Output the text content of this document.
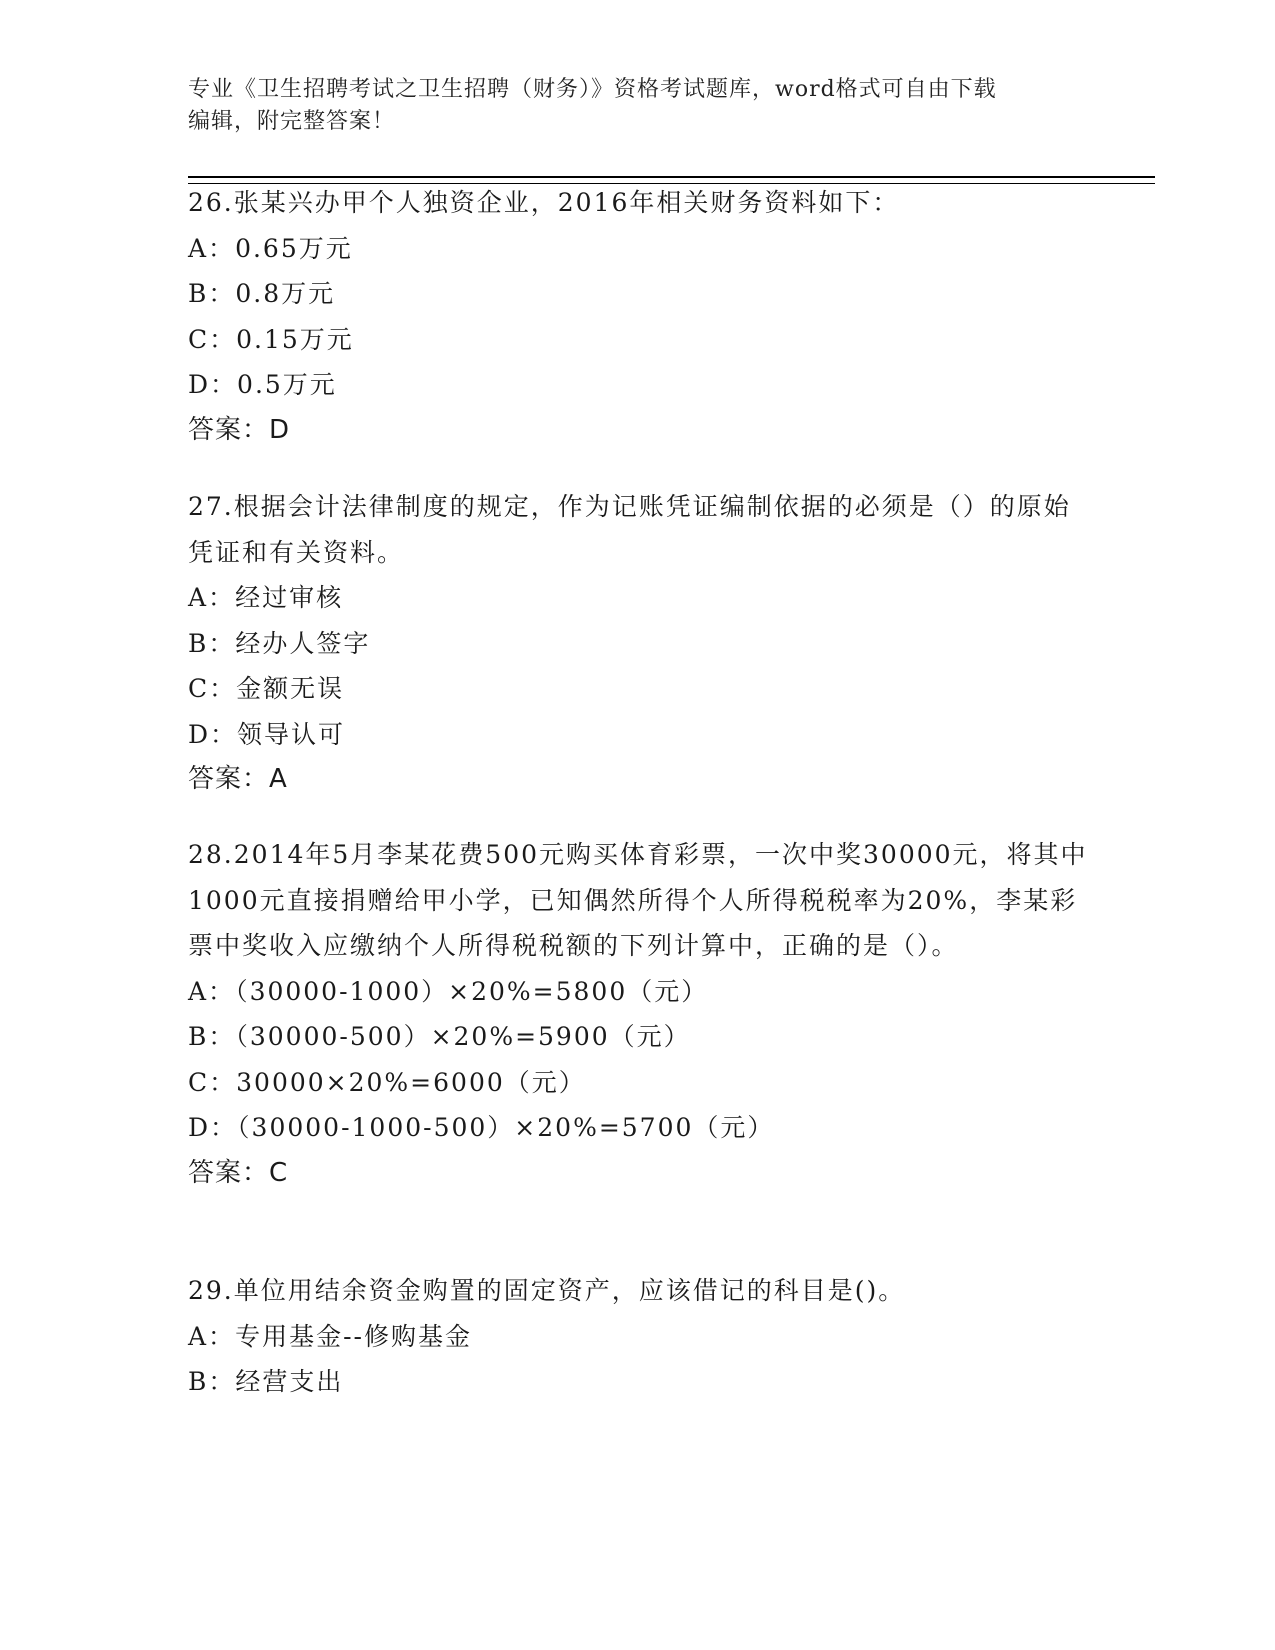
专业《卫生招聘考试之卫生招聘（财务）》资格考试题库，word格式可自由下载
编辑，附完整答案！
26.张某兴办甲个人独资企业，2016年相关财务资料如下：
A：0.65万元
B：0.8万元
C：0.15万元
D：0.5万元
答案：D
27.根据会计法律制度的规定，作为记账凭证编制依据的必须是（）的原始凭证和有关资料。
A：经过审核
B：经办人签字
C：金额无误
D：领导认可
答案：A
28.2014年5月李某花费500元购买体育彩票，一次中奖30000元，将其中1000元直接捐赠给甲小学，已知偶然所得个人所得税税率为20%，李某彩票中奖收入应缴纳个人所得税税额的下列计算中，正确的是（）。
A：（30000-1000）×20%=5800（元）
B：（30000-500）×20%=5900（元）
C：30000×20%=6000（元）
D：（30000-1000-500）×20%=5700（元）
答案：C
29.单位用结余资金购置的固定资产，应该借记的科目是()。
A：专用基金--修购基金
B：经营支出
